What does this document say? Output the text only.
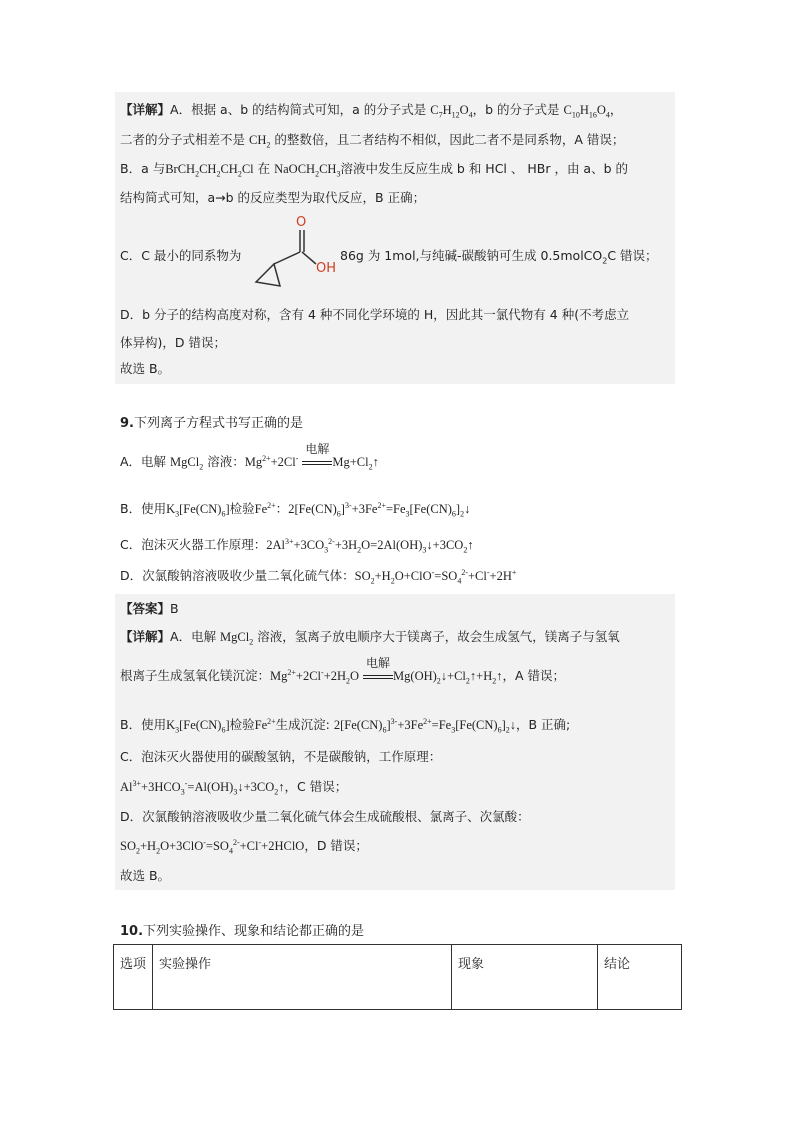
【详解】A．根据 a、b 的结构简式可知，a 的分子式是 $C_7H_{12}O_4$，b 的分子式是 $C_{10}H_{16}O_4$，
二者的分子式相差不是 $CH_2$ 的整数倍，且二者结构不相似，因此二者不是同系物，A 错误；
B．a 与$BrCH_2CH_2CH_2Cl$ 在 $NaOCH_2CH_3$溶液中发生反应生成 b 和 HCl 、 HBr ，由 a、b 的
结构简式可知，a→b 的反应类型为取代反应，B 正确；
C．C 最小的同系物为
O
OH
86g 为 1mol,与纯碱-碳酸钠可生成 0.5molCO$_2$C 错误；
D．b 分子的结构高度对称，含有 4 种不同化学环境的 H，因此其一氯代物有 4 种(不考虑立
体异构)，D 错误；
故选 B。
9.下列离子方程式书写正确的是
A．电解 MgCl$_2$ 溶液：$Mg^{2+}+2Cl^-$
电解
$Mg+Cl_2↑$
B．使用$K_3[Fe(CN)_6]$检验$Fe^{2+}$：$2[Fe(CN)_6]^{3-}+3Fe^{2+}=Fe_3[Fe(CN)_6]_2↓$
C．泡沫灭火器工作原理：$2Al^{3+}+3CO_3^{2-}+3H_2O=2Al(OH)_3↓+3CO_2↑$
D．次氯酸钠溶液吸收少量二氧化硫气体：$SO_2+H_2O+ClO^-=SO_4^{2-}+Cl^-+2H^+$
【答案】B
【详解】A．电解 MgCl$_2$ 溶液，氢离子放电顺序大于镁离子，故会生成氢气，镁离子与氢氧
根离子生成氢氧化镁沉淀：$Mg^{2+}+2Cl^-+2H_2O$
电解
$Mg(OH)_2↓+Cl_2↑+H_2↑$，A 错误；
B．使用$K_3[Fe(CN)_6]$检验$Fe^{2+}$生成沉淀: $2[Fe(CN)_6]^{3-}+3Fe^{2+}=Fe_3[Fe(CN)_6]_2↓$，B 正确;
C．泡沫灭火器使用的碳酸氢钠，不是碳酸钠，工作原理：
$Al^{3+}+3HCO_3^-=Al(OH)_3↓+3CO_2↑$，C 错误；
D．次氯酸钠溶液吸收少量二氧化硫气体会生成硫酸根、氯离子、次氯酸：
$SO_2+H_2O+3ClO^-=SO_4^{2-}+Cl^-+2HClO$，D 错误；
故选 B。
10.下列实验操作、现象和结论都正确的是
选项	实验操作	现象	结论
